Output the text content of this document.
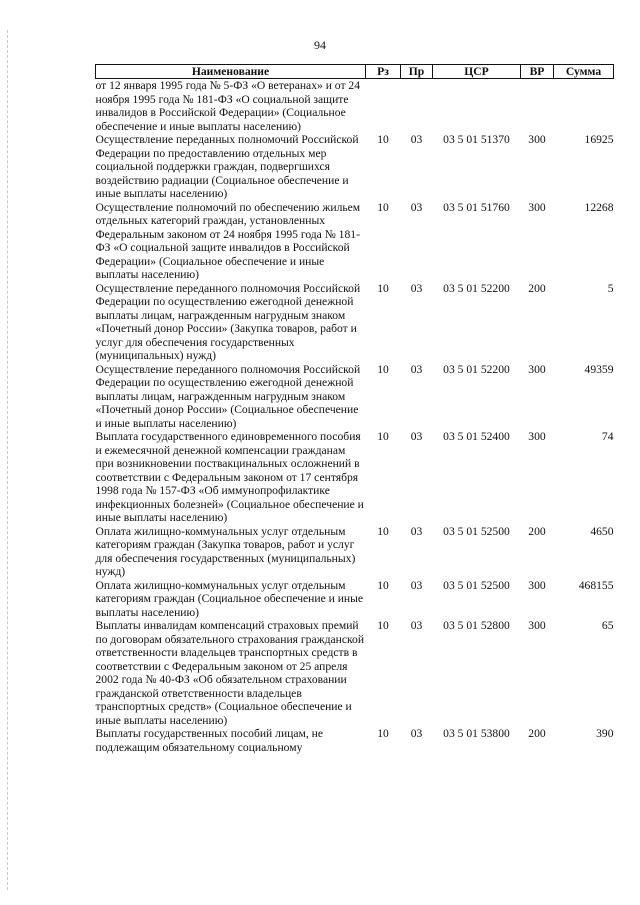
94
Наименование	Рз	Пр	ЦСР	ВР	Сумма
от 12 января 1995 года № 5-ФЗ «О ветеранах» и от 24 ноября 1995 года № 181-ФЗ «О социальной защите инвалидов в Российской Федерации» (Социальное обеспечение и иные выплаты населению)					
Осуществление переданных полномочий Российской Федерации по предоставлению отдельных мер социальной поддержки граждан, подвергшихся воздействию радиации (Социальное обеспечение и иные выплаты населению)	10	03	03 5 01 51370	300	16925
Осуществление полномочий по обеспечению жильем отдельных категорий граждан, установленных Федеральным законом от 24 ноября 1995 года № 181-ФЗ «О социальной защите инвалидов в Российской Федерации» (Социальное обеспечение и иные выплаты населению)	10	03	03 5 01 51760	300	12268
Осуществление переданного полномочия Российской Федерации по осуществлению ежегодной денежной выплаты лицам, награжденным нагрудным знаком «Почетный донор России» (Закупка товаров, работ и услуг для обеспечения государственных (муниципальных) нужд)	10	03	03 5 01 52200	200	5
Осуществление переданного полномочия Российской Федерации по осуществлению ежегодной денежной выплаты лицам, награжденным нагрудным знаком «Почетный донор России» (Социальное обеспечение и иные выплаты населению)	10	03	03 5 01 52200	300	49359
Выплата государственного единовременного пособия и ежемесячной денежной компенсации гражданам при возникновении поствакцинальных осложнений в соответствии с Федеральным законом от 17 сентября 1998 года № 157-ФЗ «Об иммунопрофилактике инфекционных болезней» (Социальное обеспечение и иные выплаты населению)	10	03	03 5 01 52400	300	74
Оплата жилищно-коммунальных услуг отдельным категориям граждан (Закупка товаров, работ и услуг для обеспечения государственных (муниципальных) нужд)	10	03	03 5 01 52500	200	4650
Оплата жилищно-коммунальных услуг отдельным категориям граждан (Социальное обеспечение и иные выплаты населению)	10	03	03 5 01 52500	300	468155
Выплаты инвалидам компенсаций страховых премий по договорам обязательного страхования гражданской ответственности владельцев транспортных средств в соответствии с Федеральным законом от 25 апреля 2002 года № 40-ФЗ «Об обязательном страховании гражданской ответственности владельцев транспортных средств» (Социальное обеспечение и иные выплаты населению)	10	03	03 5 01 52800	300	65
Выплаты государственных пособий лицам, не подлежащим обязательному социальному	10	03	03 5 01 53800	200	390
